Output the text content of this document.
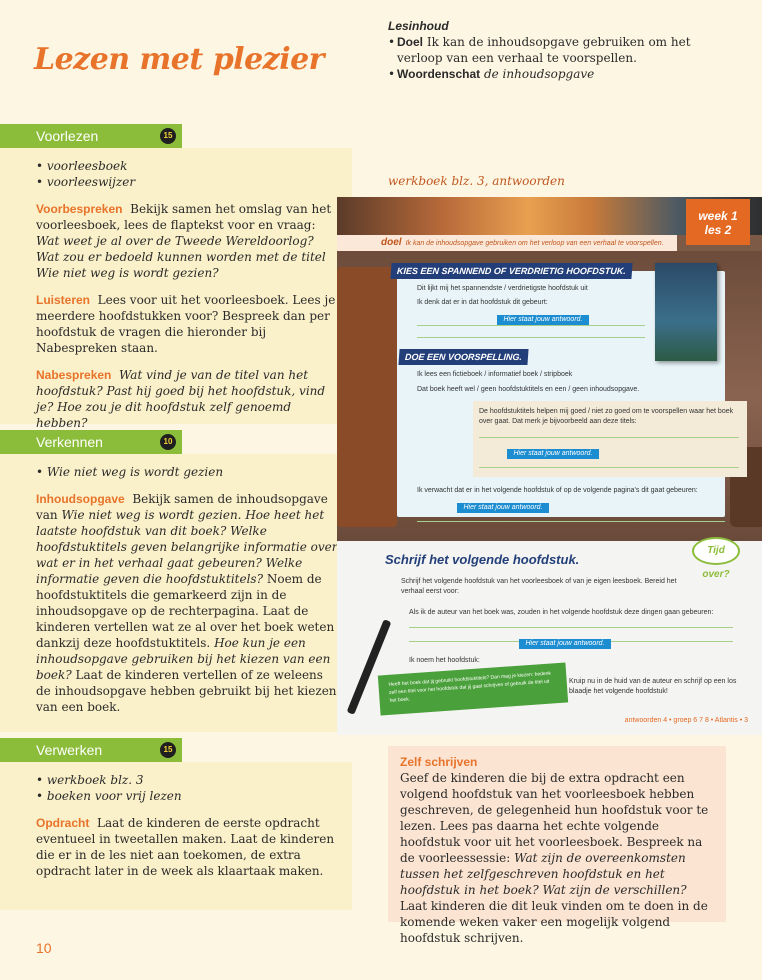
Lezen met plezier
Lesinhoud
• Doel Ik kan de inhoudsopgave gebruiken om het verloop van een verhaal te voorspellen.
• Woordenschat de inhoudsopgave
Voorlezen	15

• voorleesboek
• voorleeswijzer

Voorbespreken Bekijk samen het omslag van het voorleesboek, lees de flaptekst voor en vraag:
Wat weet je al over de Tweede Wereldoorlog? Wat zou er bedoeld kunnen worden met de titel Wie niet weg is wordt gezien?

Luisteren Lees voor uit het voorleesboek. Lees je meerdere hoofdstukken voor? Bespreek dan per hoofdstuk de vragen die hieronder bij Nabespreken staan.

Nabespreken Wat vind je van de titel van het hoofdstuk? Past hij goed bij het hoofdstuk, vind je? Hoe zou je dit hoofdstuk zelf genoemd hebben?

Verkennen	10

• Wie niet weg is wordt gezien

Inhoudsopgave Bekijk samen de inhoudsopgave van Wie niet weg is wordt gezien. Hoe heet het laatste hoofdstuk van dit boek? Welke hoofdstuktitels geven belangrijke informatie over wat er in het verhaal gaat gebeuren? Welke informatie geven die hoofdstuktitels? Noem de hoofdstuktitels die gemarkeerd zijn in de inhoudsopgave op de rechterpagina. Laat de kinderen vertellen wat ze al over het boek weten dankzij deze hoofdstuktitels. Hoe kun je een inhoudsopgave gebruiken bij het kiezen van een boek? Laat de kinderen vertellen of ze weleens de inhoudsopgave hebben gebruikt bij het kiezen van een boek.

Verwerken	15

• werkboek blz. 3
• boeken voor vrij lezen

Opdracht Laat de kinderen de eerste opdracht eventueel in tweetallen maken. Laat de kinderen die er in de les niet aan toekomen, de extra opdracht later in de week als klaartaak maken.

werkboek blz. 3, antwoorden
week 1
les 2
doel Ik kan de inhoudsopgave gebruiken om het verloop van een verhaal te voorspellen.
KIES EEN SPANNEND OF VERDRIETIG HOOFDSTUK.
Dit lijkt mij het spannendste / verdrietigste hoofdstuk uit
Ik denk dat er in dat hoofdstuk dit gebeurt:
Hier staat jouw antwoord.
DOE EEN VOORSPELLING.
Ik lees een fictieboek / informatief boek / stripboek
Dat boek heeft wel / geen hoofdstuktitels en een / geen inhoudsopgave.
De hoofdstuktitels helpen mij goed / niet zo goed om te voorspellen waar het boek over gaat. Dat merk je bijvoorbeeld aan deze titels:
Hier staat jouw antwoord.
Ik verwacht dat er in het volgende hoofdstuk of op de volgende pagina's dit gaat gebeuren:
Hier staat jouw antwoord.
Tijd over?
Schrijf het volgende hoofdstuk.
Schrijf het volgende hoofdstuk van het voorleesboek of van je eigen leesboek. Bereid het verhaal eerst voor:
Als ik de auteur van het boek was, zouden in het volgende hoofdstuk deze dingen gaan gebeuren:
Hier staat jouw antwoord.
Ik noem het hoofdstuk:
Heeft het boek dat jij gebruikt hoofdstuktitels? Dan mag je kiezen: bedenk zelf een titel voor het hoofdstuk dat jij gaat schrijven of gebruik de titel uit het boek.
Kruip nu in de huid van de auteur en schrijf op een los blaadje het volgende hoofdstuk!
antwoorden 4 • groep 6 7 8 • Atlantis • 3
Zelf schrijven
Geef de kinderen die bij de extra opdracht een volgend hoofdstuk van het voorleesboek hebben geschreven, de gelegenheid hun hoofdstuk voor te lezen. Lees pas daarna het echte volgende hoofdstuk voor uit het voorleesboek. Bespreek na de voorleessessie: Wat zijn de overeenkomsten tussen het zelfgeschreven hoofdstuk en het hoofdstuk in het boek? Wat zijn de verschillen? Laat kinderen die dit leuk vinden om te doen in de komende weken vaker een mogelijk volgend hoofdstuk schrijven.
10
